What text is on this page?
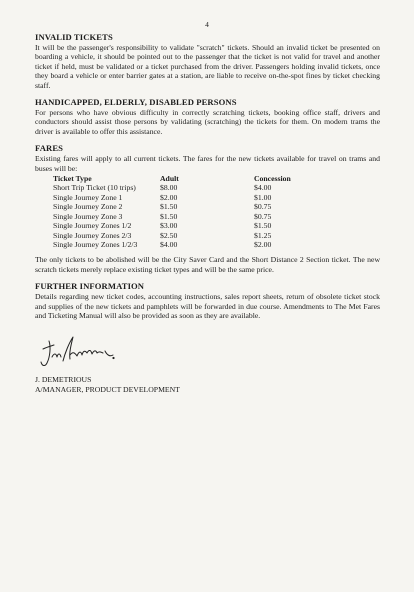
4
INVALID TICKETS

It will be the passenger's responsibility to validate "scratch" tickets. Should an invalid ticket be presented on boarding a vehicle, it should be pointed out to the passenger that the ticket is not valid for travel and another ticket if held, must be validated or a ticket purchased from the driver. Passengers holding invalid tickets, once they board a vehicle or enter barrier gates at a station, are liable to receive on-the-spot fines by ticket checking staff.

HANDICAPPED, ELDERLY, DISABLED PERSONS

For persons who have obvious difficulty in correctly scratching tickets, booking office staff, drivers and conductors should assist those persons by validating (scratching) the tickets for them. On modern trams the driver is available to offer this assistance.

FARES

Existing fares will apply to all current tickets. The fares for the new tickets available for travel on trams and buses will be:

Ticket Type	Adult	Concession
Short Trip Ticket (10 trips)	$8.00	$4.00
Single Journey Zone 1	$2.00	$1.00
Single Journey Zone 2	$1.50	$0.75
Single Journey Zone 3	$1.50	$0.75
Single Journey Zones 1/2	$3.00	$1.50
Single Journey Zones 2/3	$2.50	$1.25
Single Journey Zones 1/2/3	$4.00	$2.00

The only tickets to be abolished will be the City Saver Card and the Short Distance 2 Section ticket. The new scratch tickets merely replace existing ticket types and will be the same price.

FURTHER INFORMATION

Details regarding new ticket codes, accounting instructions, sales report sheets, return of obsolete ticket stock and supplies of the new tickets and pamphlets will be forwarded in due course. Amendments to The Met Fares and Ticketing Manual will also be provided as soon as they are available.

J. DEMETRIOUS

A/MANAGER, PRODUCT DEVELOPMENT
